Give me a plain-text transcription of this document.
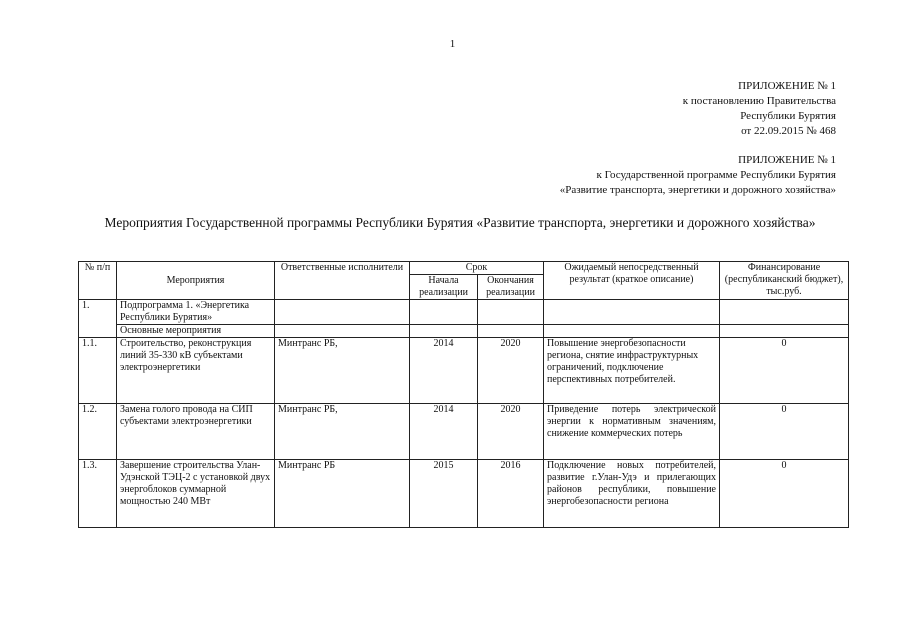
1
ПРИЛОЖЕНИЕ № 1
к постановлению Правительства
Республики Бурятия
от 22.09.2015 № 468
ПРИЛОЖЕНИЕ № 1
к Государственной программе Республики Бурятия
«Развитие транспорта, энергетики и дорожного хозяйства»
Мероприятия Государственной программы Республики Бурятия «Развитие транспорта, энергетики и дорожного хозяйства»
№ п/п	Мероприятия	Ответственные исполнители	Срок		Ожидаемый непосредственный результат (краткое описание)	Финансирование (республиканский бюджет), тыс.руб.
			Начала реализации	Окончания реализации		
1.	Подпрограмма 1. «Энергетика Республики Бурятия»					
	Основные мероприятия					
1.1.	Строительство, реконструкция линий 35-330 кВ субъектами электроэнергетики	Минтранс РБ,	2014	2020	Повышение энергобезопасности региона, снятие инфраструктурных ограничений, подключение перспективных потребителей.	0
1.2.	Замена голого провода на СИП субъектами электроэнергетики	Минтранс РБ,	2014	2020	Приведение потерь электрической энергии к нормативным значениям, снижение коммерческих потерь	0
1.3.	Завершение строительства Улан-Удэнской ТЭЦ-2 с установкой двух энергоблоков суммарной мощностью 240 МВт	Минтранс РБ	2015	2016	Подключение новых потребителей, развитие г.Улан-Удэ и прилегающих районов республики, повышение энергобезопасности региона	0
